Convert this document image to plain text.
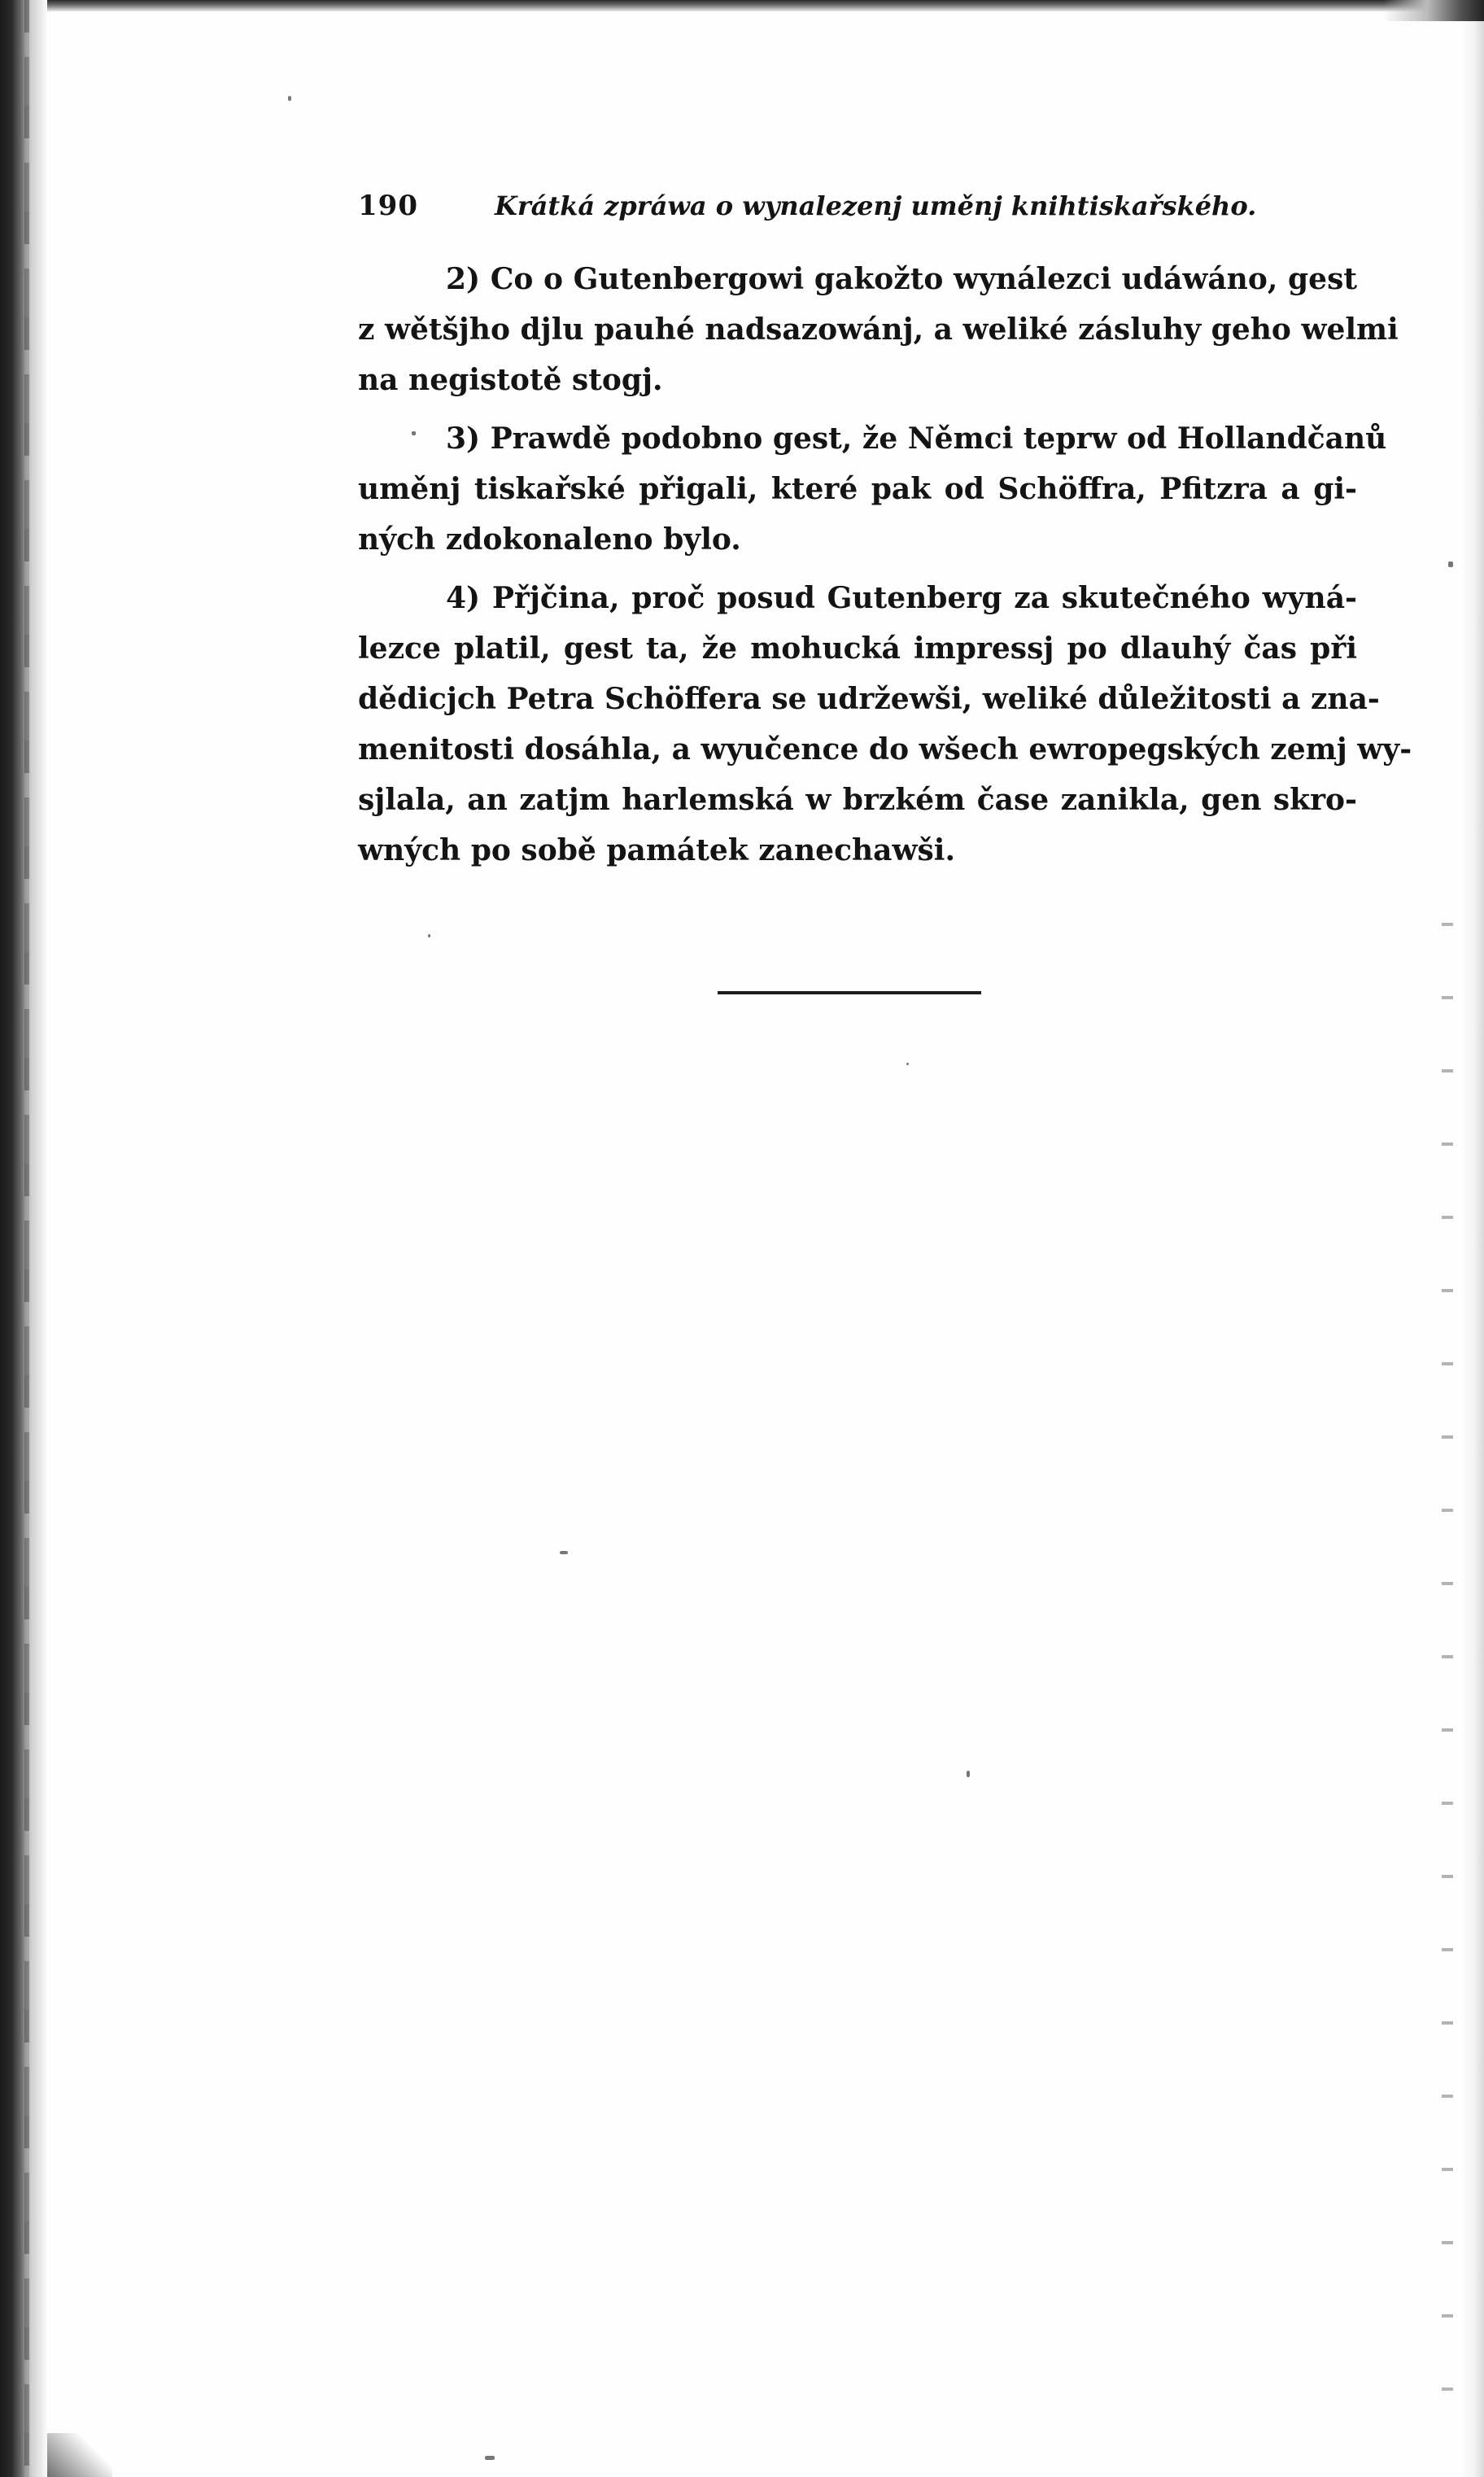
190	Krátká zpráwa o wynalezenj uměnj knihtiskařského.
2) Co o Gutenbergowi gakožto wynálezci udáwáno, gest
z wětšjho djlu pauhé nadsazowánj, a weliké zásluhy geho welmi
na negistotě stogj.
3) Prawdě podobno gest, že Němci teprw od Hollandčanů
uměnj tiskařské přigali, které pak od Schöffra, Pfitzra a gi-
ných zdokonaleno bylo.
4) Přjčina, proč posud Gutenberg za skutečného wyná-
lezce platil, gest ta, že mohucká impressj po dlauhý čas při
dědicjch Petra Schöffera se udržewši, weliké důležitosti a zna-
menitosti dosáhla, a wyučence do wšech ewropegských zemj wy-
sjlala, an zatjm harlemská w brzkém čase zanikla, gen skro-
wných po sobě památek zanechawši.
